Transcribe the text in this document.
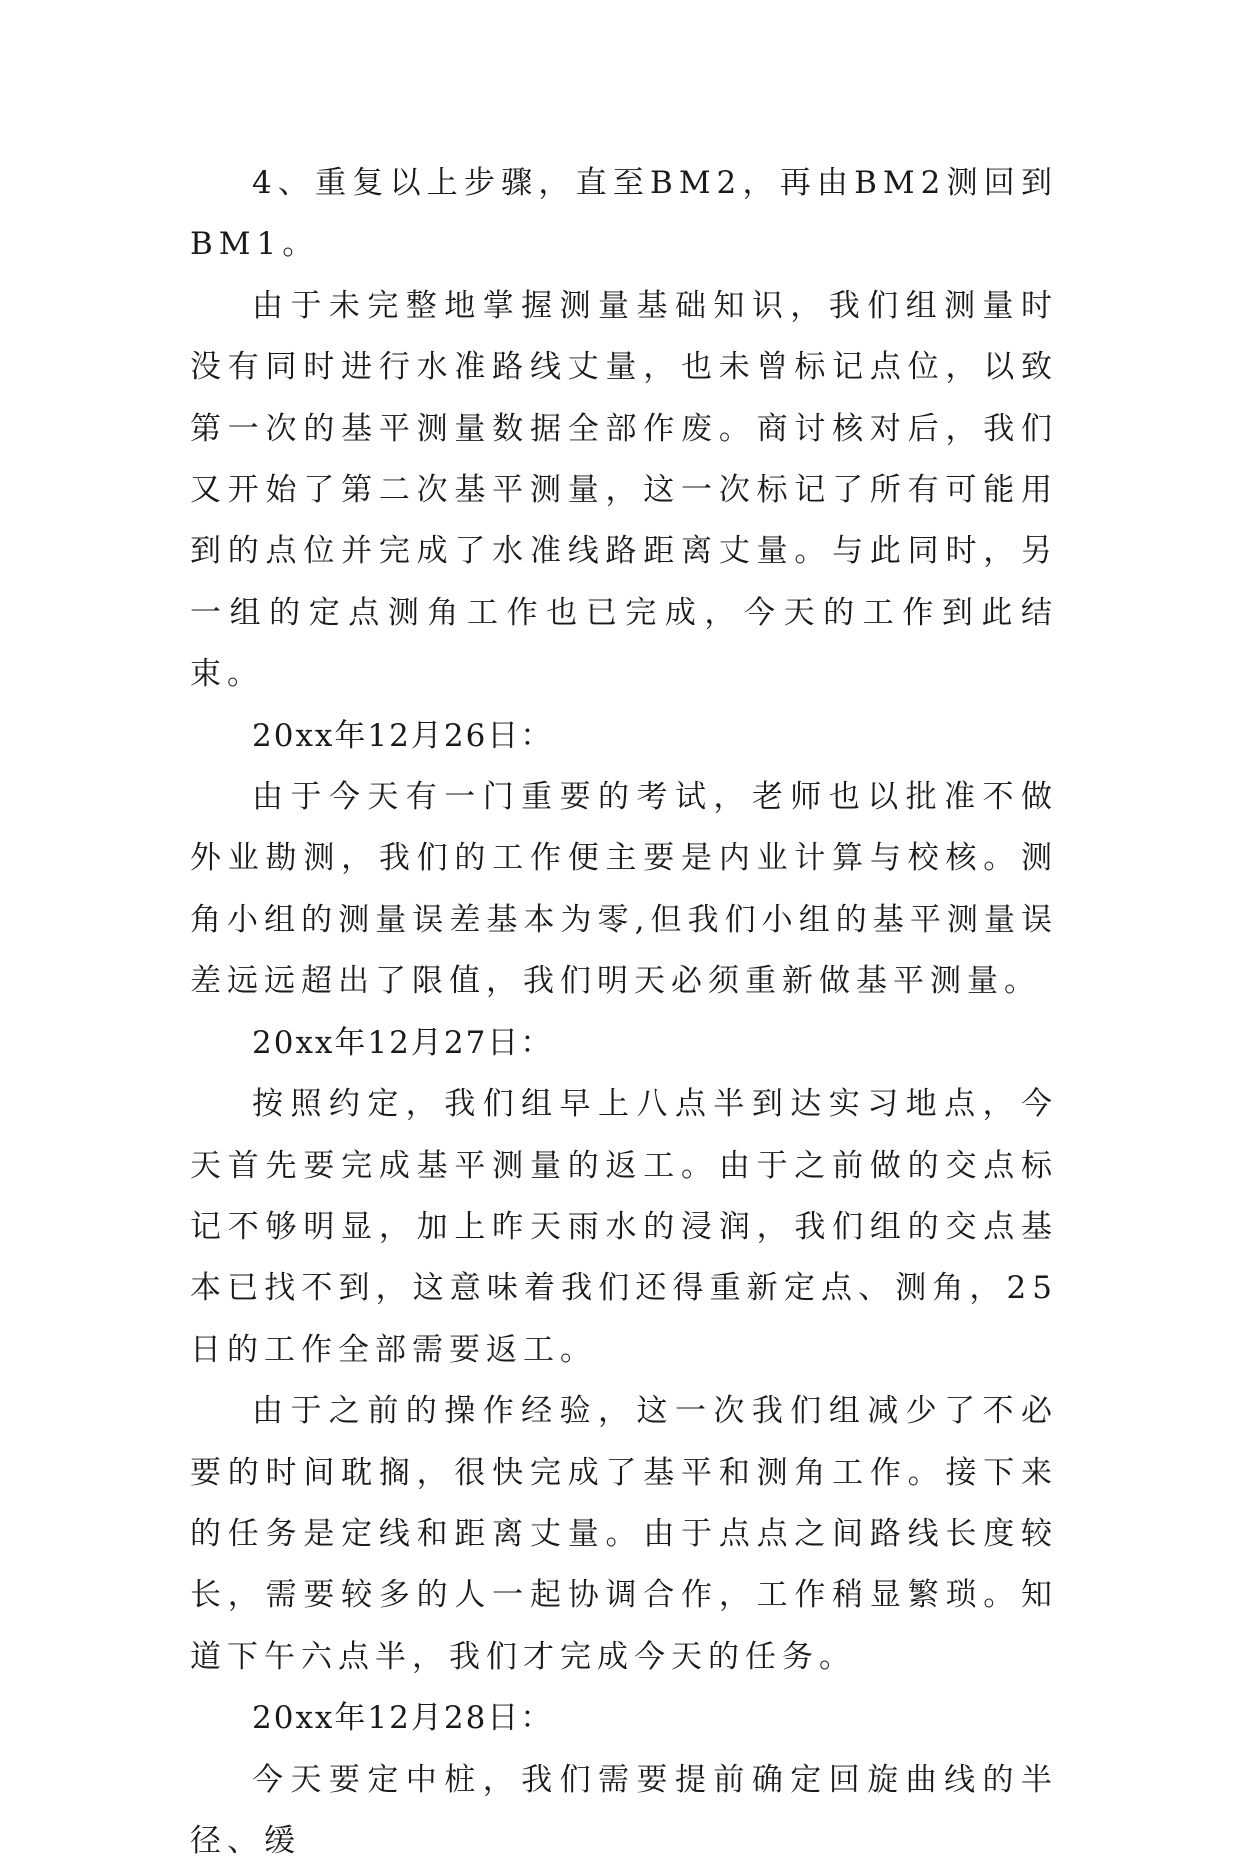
4、重复以上步骤，直至BM2，再由BM2测回到BM1。

由于未完整地掌握测量基础知识，我们组测量时没有同时进行水准路线丈量，也未曾标记点位，以致第一次的基平测量数据全部作废。商讨核对后，我们又开始了第二次基平测量，这一次标记了所有可能用到的点位并完成了水准线路距离丈量。与此同时，另一组的定点测角工作也已完成，今天的工作到此结束。

20xx年12月26日：

由于今天有一门重要的考试，老师也以批准不做外业勘测，我们的工作便主要是内业计算与校核。测角小组的测量误差基本为零,但我们小组的基平测量误差远远超出了限值，我们明天必须重新做基平测量。

20xx年12月27日：

按照约定，我们组早上八点半到达实习地点，今天首先要完成基平测量的返工。由于之前做的交点标记不够明显，加上昨天雨水的浸润，我们组的交点基本已找不到，这意味着我们还得重新定点、测角，25日的工作全部需要返工。

由于之前的操作经验，这一次我们组减少了不必要的时间耽搁，很快完成了基平和测角工作。接下来的任务是定线和距离丈量。由于点点之间路线长度较长，需要较多的人一起协调合作，工作稍显繁琐。知道下午六点半，我们才完成今天的任务。

20xx年12月28日：

今天要定中桩，我们需要提前确定回旋曲线的半径、缓
